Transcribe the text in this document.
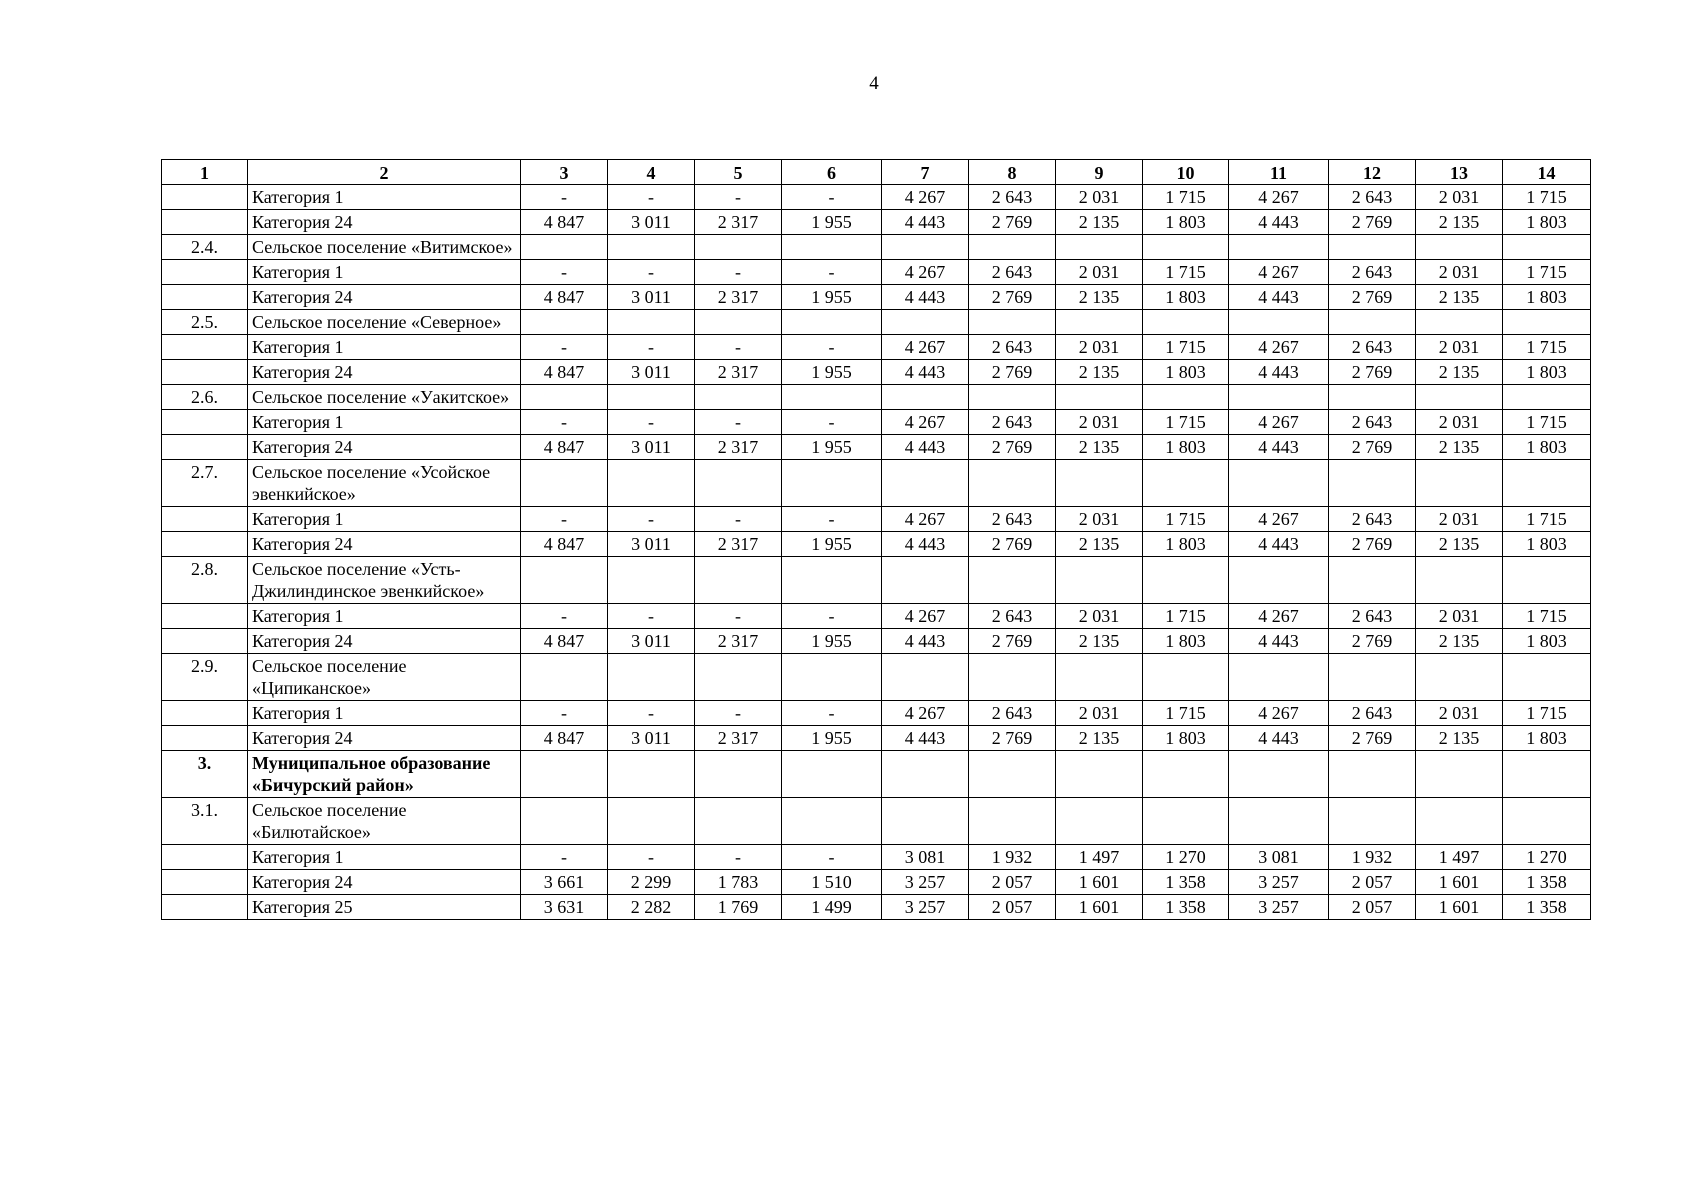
4
1	2	3	4	5	6	7	8	9	10	11	12	13	14
	Категория 1	-	-	-	-	4 267	2 643	2 031	1 715	4 267	2 643	2 031	1 715
	Категория 24	4 847	3 011	2 317	1 955	4 443	2 769	2 135	1 803	4 443	2 769	2 135	1 803
2.4.	Сельское поселение «Витимское»												
	Категория 1	-	-	-	-	4 267	2 643	2 031	1 715	4 267	2 643	2 031	1 715
	Категория 24	4 847	3 011	2 317	1 955	4 443	2 769	2 135	1 803	4 443	2 769	2 135	1 803
2.5.	Сельское поселение «Северное»												
	Категория 1	-	-	-	-	4 267	2 643	2 031	1 715	4 267	2 643	2 031	1 715
	Категория 24	4 847	3 011	2 317	1 955	4 443	2 769	2 135	1 803	4 443	2 769	2 135	1 803
2.6.	Сельское поселение «Уакитское»												
	Категория 1	-	-	-	-	4 267	2 643	2 031	1 715	4 267	2 643	2 031	1 715
	Категория 24	4 847	3 011	2 317	1 955	4 443	2 769	2 135	1 803	4 443	2 769	2 135	1 803
2.7.	Сельское поселение «Усойское эвенкийское»												
	Категория 1	-	-	-	-	4 267	2 643	2 031	1 715	4 267	2 643	2 031	1 715
	Категория 24	4 847	3 011	2 317	1 955	4 443	2 769	2 135	1 803	4 443	2 769	2 135	1 803
2.8.	Сельское поселение «Усть-Джилиндинское эвенкийское»												
	Категория 1	-	-	-	-	4 267	2 643	2 031	1 715	4 267	2 643	2 031	1 715
	Категория 24	4 847	3 011	2 317	1 955	4 443	2 769	2 135	1 803	4 443	2 769	2 135	1 803
2.9.	Сельское поселение «Ципиканское»												
	Категория 1	-	-	-	-	4 267	2 643	2 031	1 715	4 267	2 643	2 031	1 715
	Категория 24	4 847	3 011	2 317	1 955	4 443	2 769	2 135	1 803	4 443	2 769	2 135	1 803
3.	Муниципальное образование «Бичурский район»												
3.1.	Сельское поселение «Билютайское»												
	Категория 1	-	-	-	-	3 081	1 932	1 497	1 270	3 081	1 932	1 497	1 270
	Категория 24	3 661	2 299	1 783	1 510	3 257	2 057	1 601	1 358	3 257	2 057	1 601	1 358
	Категория 25	3 631	2 282	1 769	1 499	3 257	2 057	1 601	1 358	3 257	2 057	1 601	1 358
